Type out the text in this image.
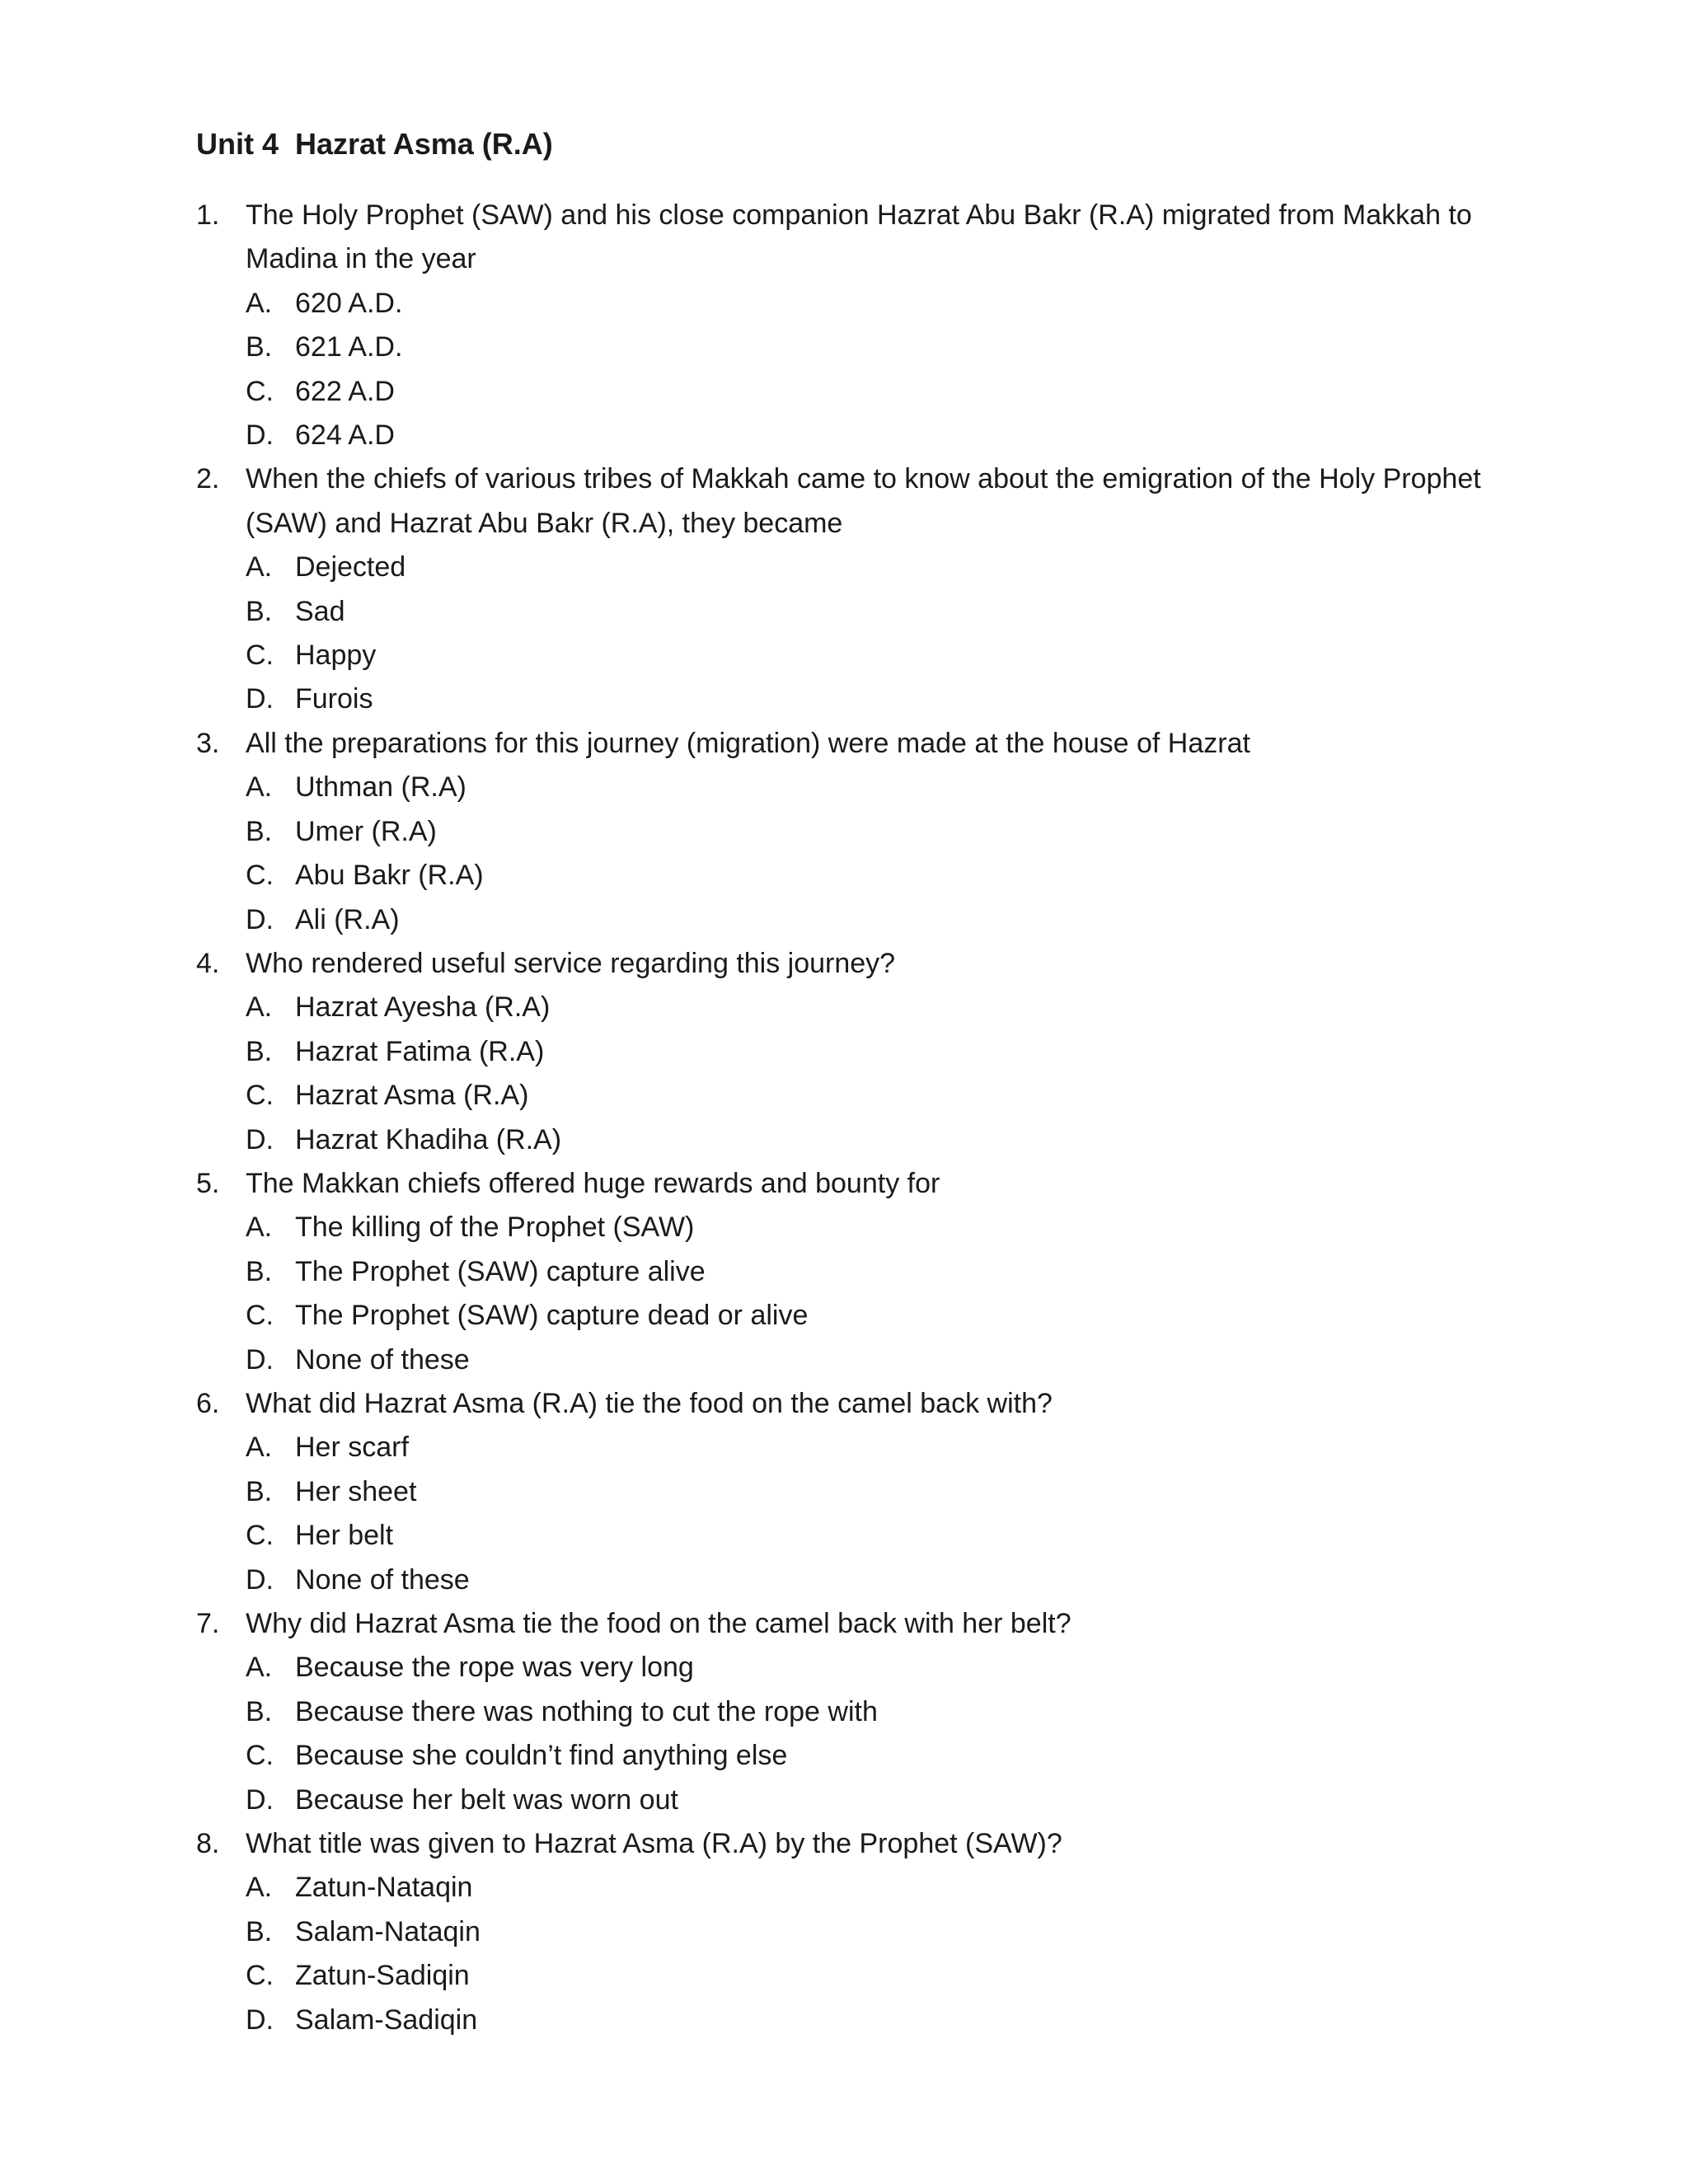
Unit 4  Hazrat Asma (R.A)
1. The Holy Prophet (SAW) and his close companion Hazrat Abu Bakr (R.A) migrated from Makkah to Madina in the year
A. 620 A.D.
B. 621 A.D.
C. 622 A.D
D. 624 A.D
2. When the chiefs of various tribes of Makkah came to know about the emigration of the Holy Prophet (SAW) and Hazrat Abu Bakr (R.A), they became
A. Dejected
B. Sad
C. Happy
D. Furois
3. All the preparations for this journey (migration) were made at the house of Hazrat
A. Uthman (R.A)
B. Umer (R.A)
C. Abu Bakr (R.A)
D. Ali (R.A)
4. Who rendered useful service regarding this journey?
A. Hazrat Ayesha (R.A)
B. Hazrat Fatima (R.A)
C. Hazrat Asma (R.A)
D. Hazrat Khadiha (R.A)
5. The Makkan chiefs offered huge rewards and bounty for
A. The killing of the Prophet (SAW)
B. The Prophet (SAW) capture alive
C. The Prophet (SAW) capture dead or alive
D. None of these
6. What did Hazrat Asma (R.A) tie the food on the camel back with?
A. Her scarf
B. Her sheet
C. Her belt
D. None of these
7. Why did Hazrat Asma tie the food on the camel back with her belt?
A. Because the rope was very long
B. Because there was nothing to cut the rope with
C. Because she couldn’t find anything else
D. Because her belt was worn out
8. What title was given to Hazrat Asma (R.A) by the Prophet (SAW)?
A. Zatun-Nataqin
B. Salam-Nataqin
C. Zatun-Sadiqin
D. Salam-Sadiqin
